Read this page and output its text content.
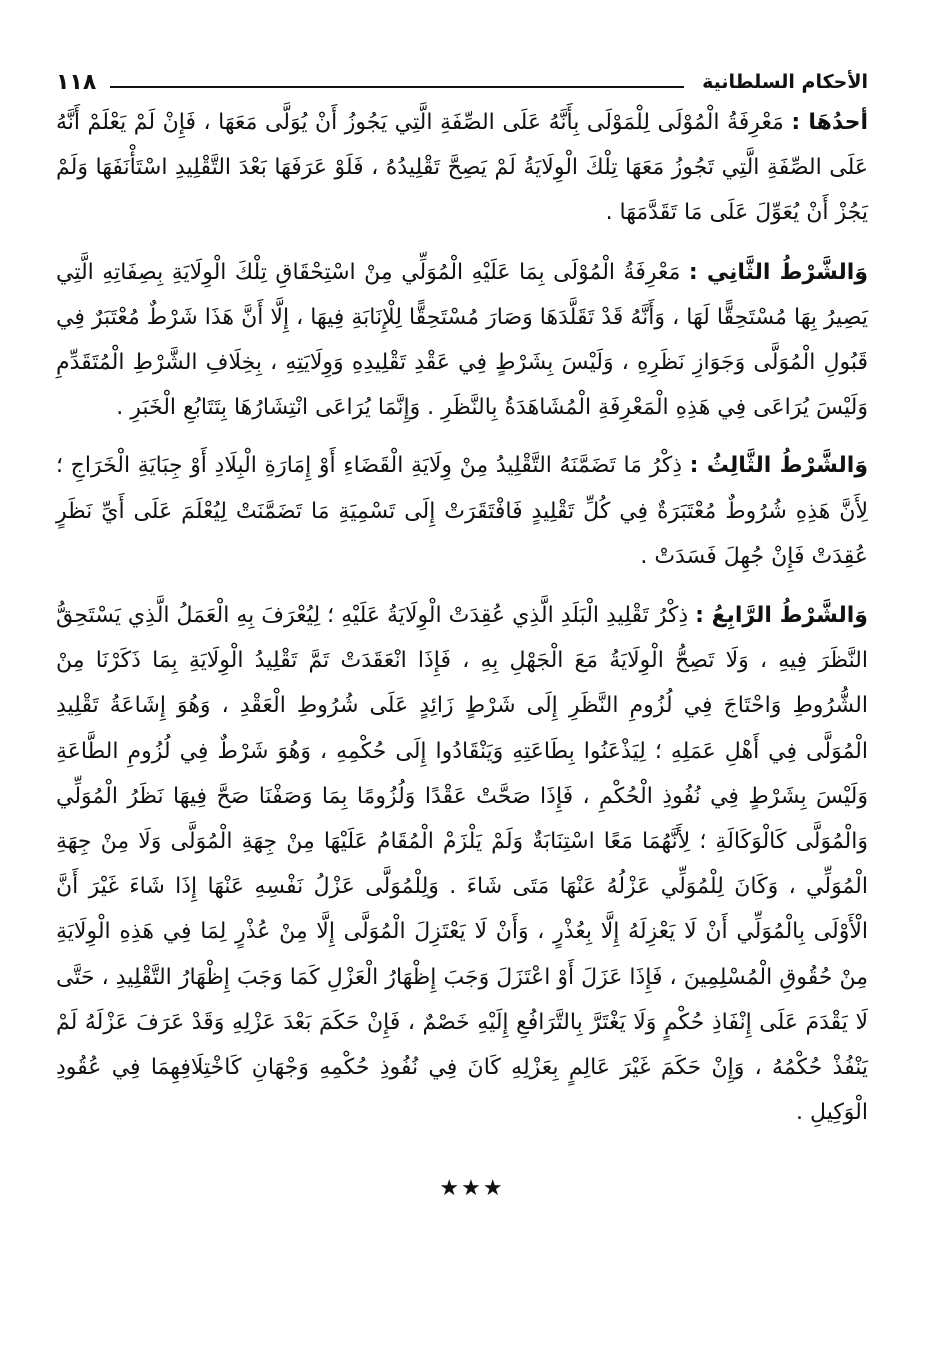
١١٨	الأحكام السلطانية

أحدُهَا : مَعْرِفَةُ الْمُوْلَى لِلْمَوْلَى بِأَنَّهُ عَلَى الصِّفَةِ الَّتِي يَجُوزُ أَنْ يُوَلَّى مَعَهَا ، فَإِنْ لَمْ يَعْلَمْ أَنَّهُ عَلَى الصِّفَةِ الَّتِي تَجُوزُ مَعَهَا تِلْكَ الْوِلَايَةُ لَمْ يَصِحَّ تَقْلِيدُهُ ، فَلَوْ عَرَفَهَا بَعْدَ التَّقْلِيدِ اسْتَأْنَفَهَا وَلَمْ يَجُزْ أَنْ يُعَوِّلَ عَلَى مَا تَقَدَّمَهَا .

وَالشَّرْطُ الثَّانِي : مَعْرِفَةُ الْمُوْلَى بِمَا عَلَيْهِ الْمُوَلِّي مِنْ اسْتِحْقَاقِ تِلْكَ الْوِلَايَةِ بِصِفَاتِهِ الَّتِي يَصِيرُ بِهَا مُسْتَحِقًّا لَهَا ، وَأَنَّهُ قَدْ تَقَلَّدَهَا وَصَارَ مُسْتَحِقًّا لِلْإِنَابَةِ فِيهَا ، إِلَّا أَنَّ هَذَا شَرْطٌ مُعْتَبَرٌ فِي قَبُولِ الْمُوَلَّى وَجَوَازِ نَظَرِهِ ، وَلَيْسَ بِشَرْطٍ فِي عَقْدِ تَقْلِيدِهِ وَوِلَايَتِهِ ، بِخِلَافِ الشَّرْطِ الْمُتَقَدِّمِ وَلَيْسَ يُرَاعَى فِي هَذِهِ الْمَعْرِفَةِ الْمُشَاهَدَةُ بِالنَّظَرِ . وَإِنَّمَا يُرَاعَى انْتِشَارُهَا بِتَتَابُعِ الْخَبَرِ .

وَالشَّرْطُ الثَّالِثُ : ذِكْرُ مَا تَضَمَّنَهُ التَّقْلِيدُ مِنْ وِلَايَةِ الْقَضَاءِ أَوْ إِمَارَةِ الْبِلَادِ أَوْ جِبَايَةِ الْخَرَاجِ ؛ لِأَنَّ هَذِهِ شُرُوطٌ مُعْتَبَرَةٌ فِي كُلِّ تَقْلِيدٍ فَافْتَقَرَتْ إِلَى تَسْمِيَةِ مَا تَضَمَّنَتْ لِيُعْلَمَ عَلَى أَيِّ نَظَرٍ عُقِدَتْ فَإِنْ جُهِلَ فَسَدَتْ .

وَالشَّرْطُ الرَّابِعُ : ذِكْرُ تَقْلِيدِ الْبَلَدِ الَّذِي عُقِدَتْ الْوِلَايَةُ عَلَيْهِ ؛ لِيُعْرَفَ بِهِ الْعَمَلُ الَّذِي يَسْتَحِقُّ النَّظَرَ فِيهِ ، وَلَا تَصِحُّ الْوِلَايَةُ مَعَ الْجَهْلِ بِهِ ، فَإِذَا انْعَقَدَتْ تَمَّ تَقْلِيدُ الْوِلَايَةِ بِمَا ذَكَرْنَا مِنْ الشُّرُوطِ وَاحْتَاجَ فِي لُزُومِ النَّظَرِ إِلَى شَرْطٍ زَائِدٍ عَلَى شُرُوطِ الْعَقْدِ ، وَهُوَ إِشَاعَةُ تَقْلِيدِ الْمُوَلَّى فِي أَهْلِ عَمَلِهِ ؛ لِيَذْعَنُوا بِطَاعَتِهِ وَيَنْقَادُوا إِلَى حُكْمِهِ ، وَهُوَ شَرْطٌ فِي لُزُومِ الطَّاعَةِ وَلَيْسَ بِشَرْطٍ فِي نُفُوذِ الْحُكْمِ ، فَإِذَا صَحَّتْ عَقْدًا وَلُزُومًا بِمَا وَصَفْنَا صَحَّ فِيهَا نَظَرُ الْمُوَلِّي وَالْمُوَلَّى كَالْوَكَالَةِ ؛ لِأَنَّهُمَا مَعًا اسْتِنَابَةٌ وَلَمْ يَلْزَمْ الْمُقَامُ عَلَيْهَا مِنْ جِهَةِ الْمُوَلَّى وَلَا مِنْ جِهَةِ الْمُوَلِّي ، وَكَانَ لِلْمُوَلِّي عَزْلُهُ عَنْهَا مَتَى شَاءَ . وَلِلْمُوَلَّى عَزْلُ نَفْسِهِ عَنْهَا إِذَا شَاءَ غَيْرَ أَنَّ الْأَوْلَى بِالْمُوَلِّي أَنْ لَا يَعْزِلَهُ إِلَّا بِعُذْرٍ ، وَأَنْ لَا يَعْتَزِلَ الْمُوَلَّى إِلَّا مِنْ عُذْرٍ لِمَا فِي هَذِهِ الْوِلَايَةِ مِنْ حُقُوقِ الْمُسْلِمِينَ ، فَإِذَا عَزَلَ أَوْ اعْتَزَلَ وَجَبَ إِظْهَارُ الْعَزْلِ كَمَا وَجَبَ إِظْهَارُ التَّقْلِيدِ ، حَتَّى لَا يَقْدَمَ عَلَى إِنْفَاذِ حُكْمٍ وَلَا يَغْتَرَّ بِالتَّرَافُعِ إِلَيْهِ خَصْمٌ ، فَإِنْ حَكَمَ بَعْدَ عَزْلِهِ وَقَدْ عَرَفَ عَزْلَهُ لَمْ يَنْفُذْ حُكْمُهُ ، وَإِنْ حَكَمَ غَيْرَ عَالِمٍ بِعَزْلِهِ كَانَ فِي نُفُوذِ حُكْمِهِ وَجْهَانِ كَاخْتِلَافِهِمَا فِي عُقُودِ الْوَكِيلِ .

★★★
